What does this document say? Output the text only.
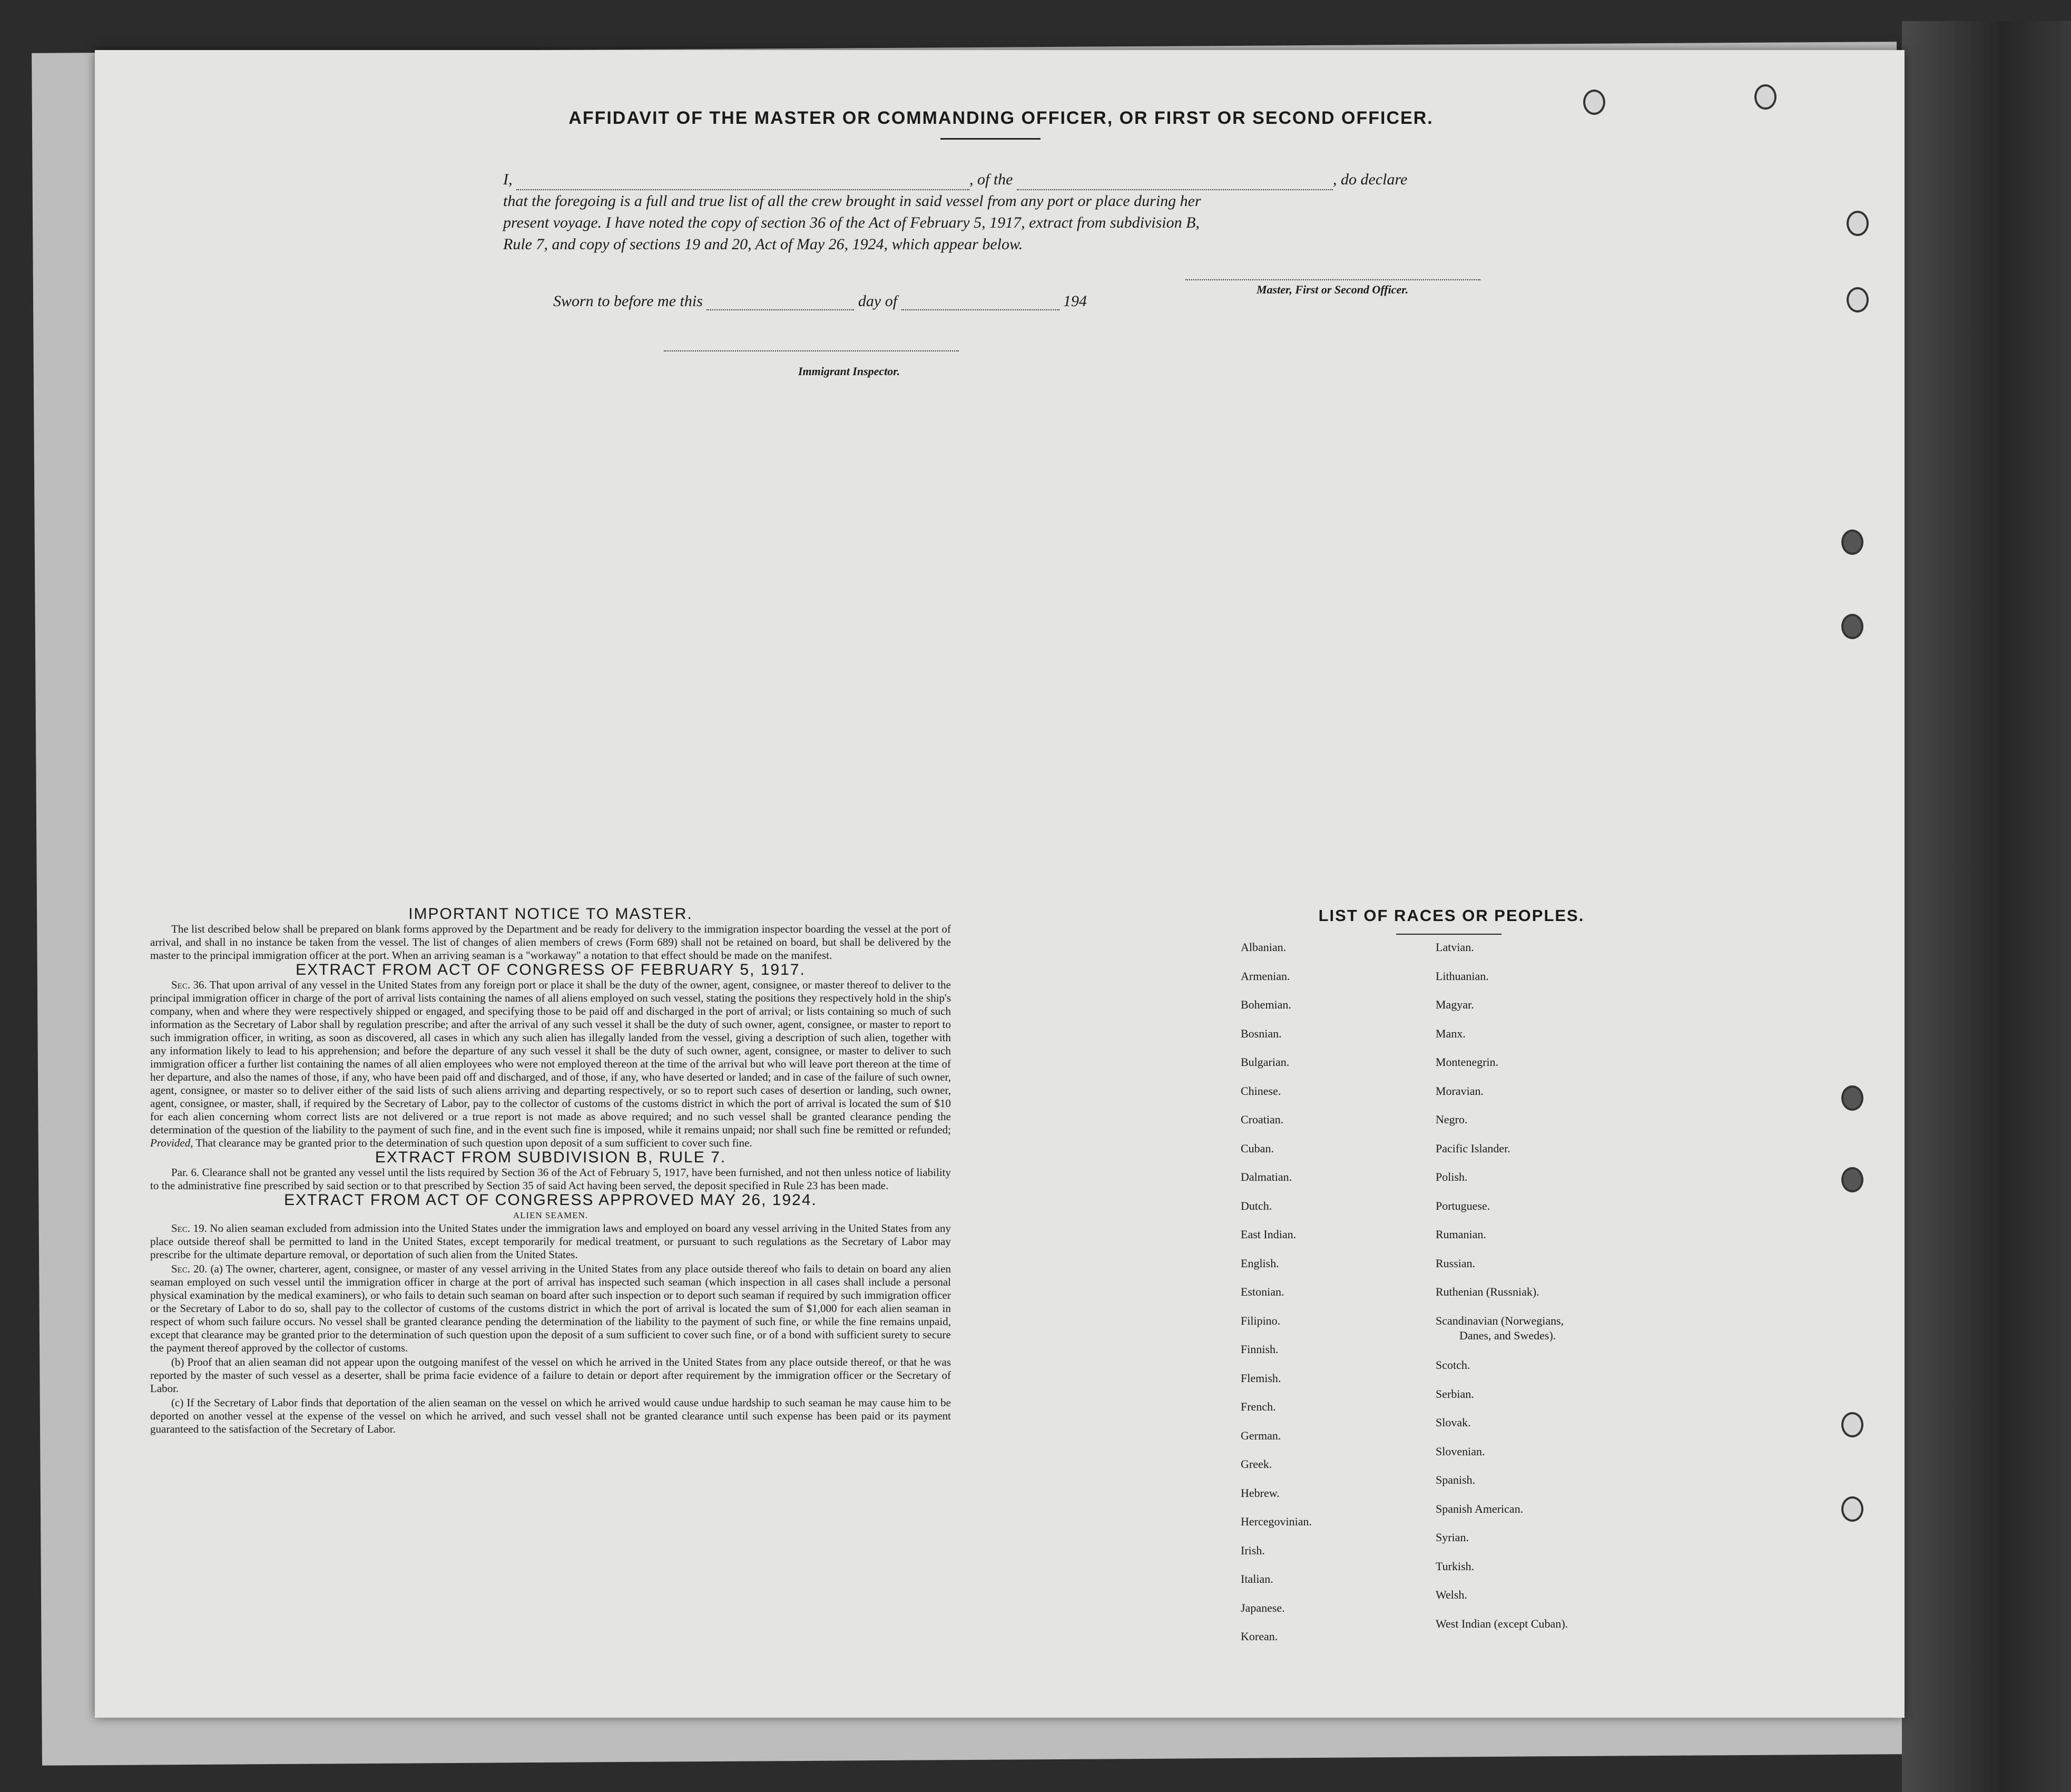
AFFIDAVIT OF THE MASTER OR COMMANDING OFFICER, OR FIRST OR SECOND OFFICER.
I,	, of the	, do declare
that the foregoing is a full and true list of all the crew brought in said vessel from any port or place during her
present voyage. I have noted the copy of section 36 of the Act of February 5, 1917, extract from subdivision B,
Rule 7, and copy of sections 19 and 20, Act of May 26, 1924, which appear below.
Master, First or Second Officer.
Sworn to before me this	day of	194
Immigrant Inspector.
IMPORTANT NOTICE TO MASTER.

The list described below shall be prepared on blank forms approved by the Department and be ready for delivery to the immigration inspector boarding the vessel at the port of arrival, and shall in no instance be taken from the vessel. The list of changes of alien members of crews (Form 689) shall not be retained on board, but shall be delivered by the master to the principal immigration officer at the port. When an arriving seaman is a "workaway" a notation to that effect should be made on the manifest.

EXTRACT FROM ACT OF CONGRESS OF FEBRUARY 5, 1917.

Sec. 36. That upon arrival of any vessel in the United States from any foreign port or place it shall be the duty of the owner, agent, consignee, or master thereof to deliver to the principal immigration officer in charge of the port of arrival lists containing the names of all aliens employed on such vessel, stating the positions they respectively hold in the ship's company, when and where they were respectively shipped or engaged, and specifying those to be paid off and discharged in the port of arrival; or lists containing so much of such information as the Secretary of Labor shall by regulation prescribe; and after the arrival of any such vessel it shall be the duty of such owner, agent, consignee, or master to report to such immigration officer, in writing, as soon as discovered, all cases in which any such alien has illegally landed from the vessel, giving a description of such alien, together with any information likely to lead to his apprehension; and before the departure of any such vessel it shall be the duty of such owner, agent, consignee, or master to deliver to such immigration officer a further list containing the names of all alien employees who were not employed thereon at the time of the arrival but who will leave port thereon at the time of her departure, and also the names of those, if any, who have been paid off and discharged, and of those, if any, who have deserted or landed; and in case of the failure of such owner, agent, consignee, or master so to deliver either of the said lists of such aliens arriving and departing respectively, or so to report such cases of desertion or landing, such owner, agent, consignee, or master, shall, if required by the Secretary of Labor, pay to the collector of customs of the customs district in which the port of arrival is located the sum of $10 for each alien concerning whom correct lists are not delivered or a true report is not made as above required; and no such vessel shall be granted clearance pending the determination of the question of the liability to the payment of such fine, and in the event such fine is imposed, while it remains unpaid; nor shall such fine be remitted or refunded; Provided, That clearance may be granted prior to the determination of such question upon deposit of a sum sufficient to cover such fine.

EXTRACT FROM SUBDIVISION B, RULE 7.

Par. 6. Clearance shall not be granted any vessel until the lists required by Section 36 of the Act of February 5, 1917, have been furnished, and not then unless notice of liability to the administrative fine prescribed by said section or to that prescribed by Section 35 of said Act having been served, the deposit specified in Rule 23 has been made.

EXTRACT FROM ACT OF CONGRESS APPROVED MAY 26, 1924.
ALIEN SEAMEN.

Sec. 19. No alien seaman excluded from admission into the United States under the immigration laws and employed on board any vessel arriving in the United States from any place outside thereof shall be permitted to land in the United States, except temporarily for medical treatment, or pursuant to such regulations as the Secretary of Labor may prescribe for the ultimate departure removal, or deportation of such alien from the United States.

Sec. 20. (a) The owner, charterer, agent, consignee, or master of any vessel arriving in the United States from any place outside thereof who fails to detain on board any alien seaman employed on such vessel until the immigration officer in charge at the port of arrival has inspected such seaman (which inspection in all cases shall include a personal physical examination by the medical examiners), or who fails to detain such seaman on board after such inspection or to deport such seaman if required by such immigration officer or the Secretary of Labor to do so, shall pay to the collector of customs of the customs district in which the port of arrival is located the sum of $1,000 for each alien seaman in respect of whom such failure occurs. No vessel shall be granted clearance pending the determination of the liability to the payment of such fine, or while the fine remains unpaid, except that clearance may be granted prior to the determination of such question upon the deposit of a sum sufficient to cover such fine, or of a bond with sufficient surety to secure the payment thereof approved by the collector of customs.

(b) Proof that an alien seaman did not appear upon the outgoing manifest of the vessel on which he arrived in the United States from any place outside thereof, or that he was reported by the master of such vessel as a deserter, shall be prima facie evidence of a failure to detain or deport after requirement by the immigration officer or the Secretary of Labor.

(c) If the Secretary of Labor finds that deportation of the alien seaman on the vessel on which he arrived would cause undue hardship to such seaman he may cause him to be deported on another vessel at the expense of the vessel on which he arrived, and such vessel shall not be granted clearance until such expense has been paid or its payment guaranteed to the satisfaction of the Secretary of Labor.

LIST OF RACES OR PEOPLES.
Albanian.
Armenian.
Bohemian.
Bosnian.
Bulgarian.
Chinese.
Croatian.
Cuban.
Dalmatian.
Dutch.
East Indian.
English.
Estonian.
Filipino.
Finnish.
Flemish.
French.
German.
Greek.
Hebrew.
Hercegovinian.
Irish.
Italian.
Japanese.
Korean.
Latvian.
Lithuanian.
Magyar.
Manx.
Montenegrin.
Moravian.
Negro.
Pacific Islander.
Polish.
Portuguese.
Rumanian.
Russian.
Ruthenian (Russniak).
Scandinavian (Norwegians,
Danes, and Swedes).
Scotch.
Serbian.
Slovak.
Slovenian.
Spanish.
Spanish American.
Syrian.
Turkish.
Welsh.
West Indian (except Cuban).
